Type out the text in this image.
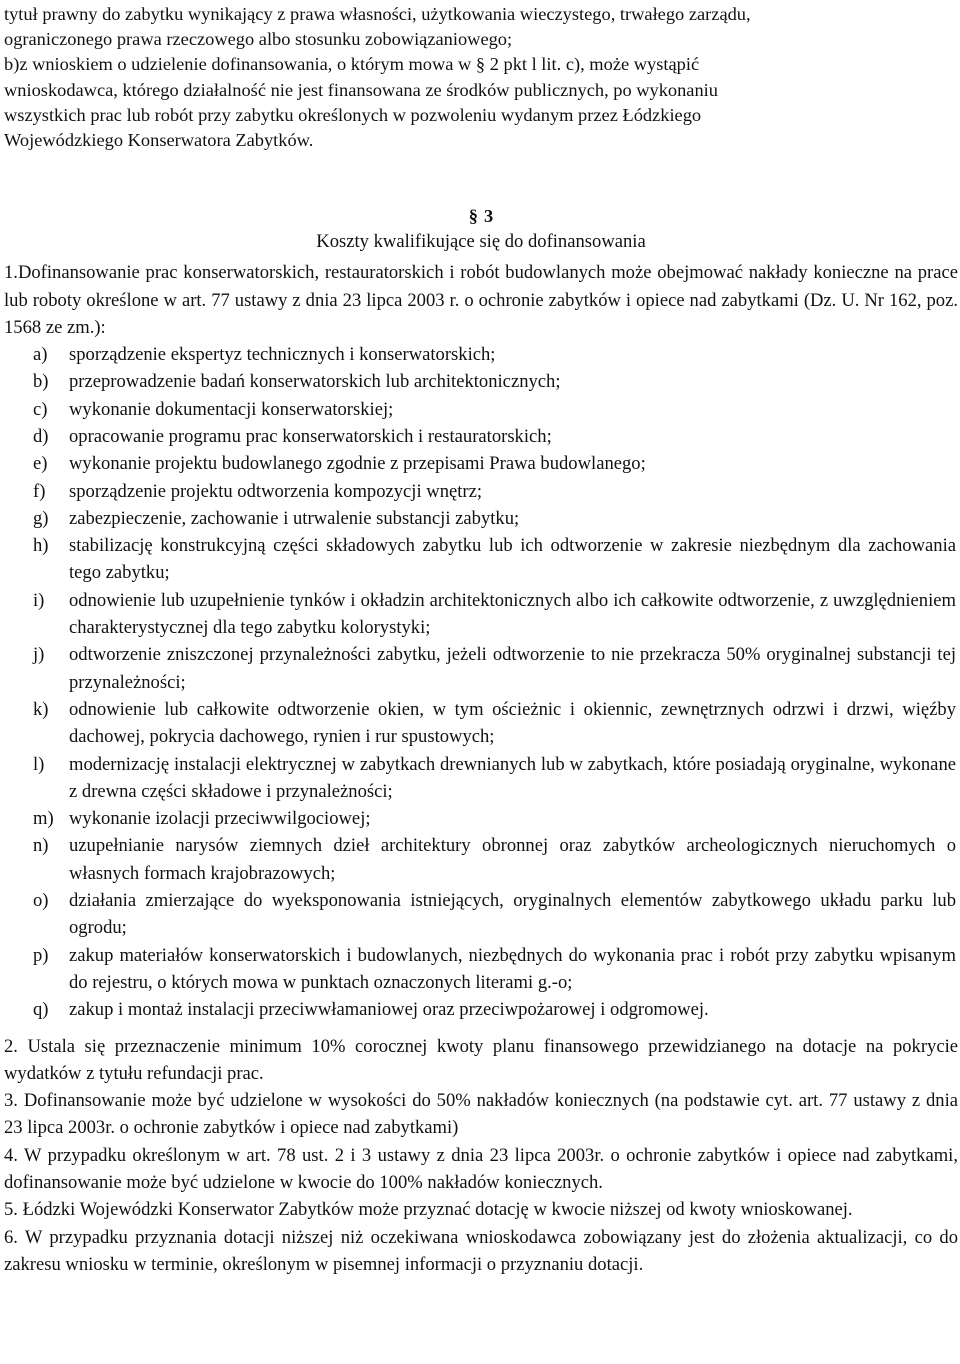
tytuł prawny do zabytku wynikający z prawa własności, użytkowania wieczystego, trwałego zarządu,
ograniczonego prawa rzeczowego albo stosunku zobowiązaniowego;
b)z wnioskiem o udzielenie dofinansowania, o którym mowa w § 2 pkt l lit. c), może wystąpić
wnioskodawca, którego działalność nie jest finansowana ze środków publicznych, po wykonaniu
wszystkich prac lub robót przy zabytku określonych w pozwoleniu wydanym przez Łódzkiego
Wojewódzkiego Konserwatora Zabytków.

§ 3
Koszty kwalifikujące się do dofinansowania

1.Dofinansowanie prac konserwatorskich, restauratorskich i robót budowlanych może obejmować nakłady konieczne na prace lub roboty określone w art. 77 ustawy z dnia 23 lipca 2003 r. o ochronie zabytków i opiece nad zabytkami (Dz. U. Nr 162, poz. 1568 ze zm.):

a)	sporządzenie ekspertyz technicznych i konserwatorskich;
b)	przeprowadzenie badań konserwatorskich lub architektonicznych;
c)	wykonanie dokumentacji konserwatorskiej;
d)	opracowanie programu prac konserwatorskich i restauratorskich;
e)	wykonanie projektu budowlanego zgodnie z przepisami Prawa budowlanego;
f)	sporządzenie projektu odtworzenia kompozycji wnętrz;
g)	zabezpieczenie, zachowanie i utrwalenie substancji zabytku;
h)	stabilizację konstrukcyjną części składowych zabytku lub ich odtworzenie w zakresie niezbędnym dla zachowania tego zabytku;
i)	odnowienie lub uzupełnienie tynków i okładzin architektonicznych albo ich całkowite odtworzenie, z uwzględnieniem charakterystycznej dla tego zabytku kolorystyki;
j)	odtworzenie zniszczonej przynależności zabytku, jeżeli odtworzenie to nie przekracza 50% oryginalnej substancji tej przynależności;
k)	odnowienie lub całkowite odtworzenie okien, w tym ościeżnic i okiennic, zewnętrznych odrzwi i drzwi, więźby dachowej, pokrycia dachowego, rynien i rur spustowych;
l)	modernizację instalacji elektrycznej w zabytkach drewnianych lub w zabytkach, które posiadają oryginalne, wykonane z drewna części składowe i przynależności;
m) wykonanie izolacji przeciwwilgociowej;
n)	uzupełnianie narysów ziemnych dzieł architektury obronnej oraz zabytków archeologicznych nieruchomych o własnych formach krajobrazowych;
o)	działania zmierzające do wyeksponowania istniejących, oryginalnych elementów zabytkowego układu parku lub ogrodu;
p)	zakup materiałów konserwatorskich i budowlanych, niezbędnych do wykonania prac i robót przy zabytku wpisanym do rejestru, o których mowa w punktach oznaczonych literami g.-o;
q)	zakup i montaż instalacji przeciwwłamaniowej oraz przeciwpożarowej i odgromowej.

2. Ustala się przeznaczenie minimum 10% corocznej kwoty planu finansowego przewidzianego na dotacje na pokrycie wydatków z tytułu refundacji prac.

3. Dofinansowanie może być udzielone w wysokości do 50% nakładów koniecznych (na podstawie cyt. art. 77 ustawy z dnia 23 lipca 2003r. o ochronie zabytków i opiece nad zabytkami)

4. W przypadku określonym w art. 78 ust. 2 i 3 ustawy z dnia 23 lipca 2003r. o ochronie zabytków i opiece nad zabytkami, dofinansowanie może być udzielone w kwocie do 100% nakładów koniecznych.

5. Łódzki Wojewódzki Konserwator Zabytków może przyznać dotację w kwocie niższej od kwoty wnioskowanej.

6. W przypadku przyznania dotacji niższej niż oczekiwana wnioskodawca zobowiązany jest do złożenia aktualizacji, co do zakresu wniosku w terminie, określonym w pisemnej informacji o przyznaniu dotacji.
